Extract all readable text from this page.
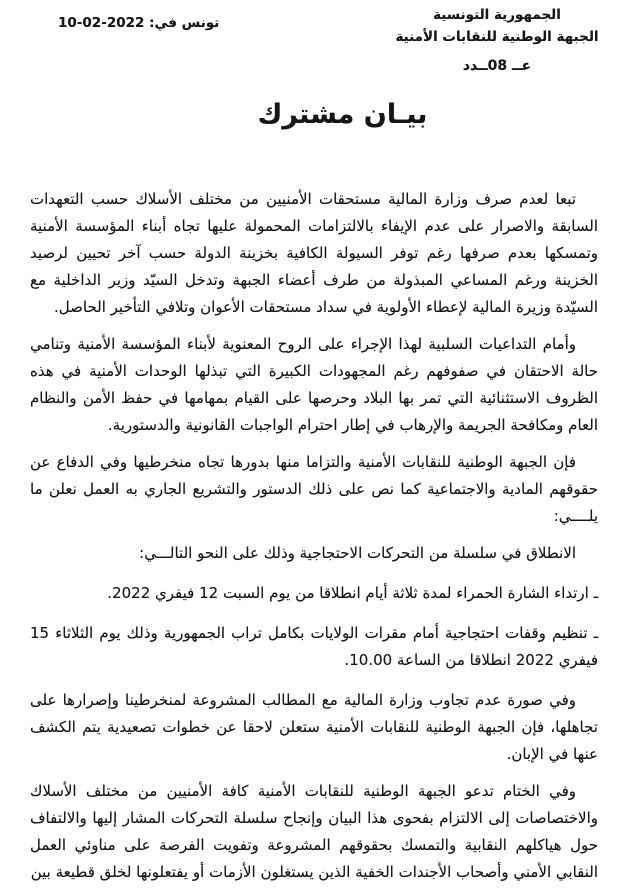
الجمهورية التونسية
الجبهة الوطنية للنقابات الأمنية
عــ 08ــدد
تونس في: 2022-02-10
بيـان مشترك

تبعا لعدم صرف وزارة المالية مستحقات الأمنيين من مختلف الأسلاك حسب التعهدات السابقة والاصرار على عدم الإيفاء بالالتزامات المحمولة عليها تجاه أبناء المؤسسة الأمنية وتمسكها بعدم صرفها رغم توفر السيولة الكافية بخزينة الدولة حسب آخر تحيين لرصيد الخزينة ورغم المساعي المبذولة من طرف أعضاء الجبهة وتدخل السيّد وزير الداخلية مع السيّدة وزيرة المالية لإعطاء الأولوية في سداد مستحقات الأعوان وتلافي التأخير الحاصل.

وأمام التداعيات السلبية لهذا الإجراء على الروح المعنوية لأبناء المؤسسة الأمنية وتنامي حالة الاحتقان في صفوفهم رغم المجهودات الكبيرة التي تبذلها الوحدات الأمنية في هذه الظروف الاستثنائية التي تمر بها البلاد وحرصها على القيام بمهامها في حفظ الأمن والنظام العام ومكافحة الجريمة والإرهاب في إطار احترام الواجبات القانونية والدستورية.

فإن الجبهة الوطنية للنقابات الأمنية والتزاما منها بدورها تجاه منخرطيها وفي الدفاع عن حقوقهم المادية والاجتماعية كما نص على ذلك الدستور والتشريع الجاري به العمل نعلن ما يلــــي:

الانطلاق في سلسلة من التحركات الاحتجاجية وذلك على النحو التالـــي:

ـ ارتداء الشارة الحمراء لمدة ثلاثة أيام انطلاقا من يوم السبت 12 فيفري 2022.

ـ تنظيم وقفات احتجاجية أمام مقرات الولايات بكامل تراب الجمهورية وذلك يوم الثلاثاء 15 فيفري 2022 انطلاقا من الساعة 10.00.

وفي صورة عدم تجاوب وزارة المالية مع المطالب المشروعة لمنخرطينا وإصرارها على تجاهلها، فإن الجبهة الوطنية للنقابات الأمنية ستعلن لاحقا عن خطوات تصعيدية يتم الكشف عنها في الإبان.

وفي الختام تدعو الجبهة الوطنية للنقابات الأمنية كافة الأمنيين من مختلف الأسلاك والاختصاصات إلى الالتزام بفحوى هذا البيان وإنجاح سلسلة التحركات المشار إليها والالتفاف حول هياكلهم النقابية والتمسك بحقوقهم المشروعة وتفويت الفرصة على مناوئي العمل النقابي الأمني وأصحاب الأجندات الخفية الذين يستغلون الأزمات أو يفتعلونها لخلق قطيعة بين
